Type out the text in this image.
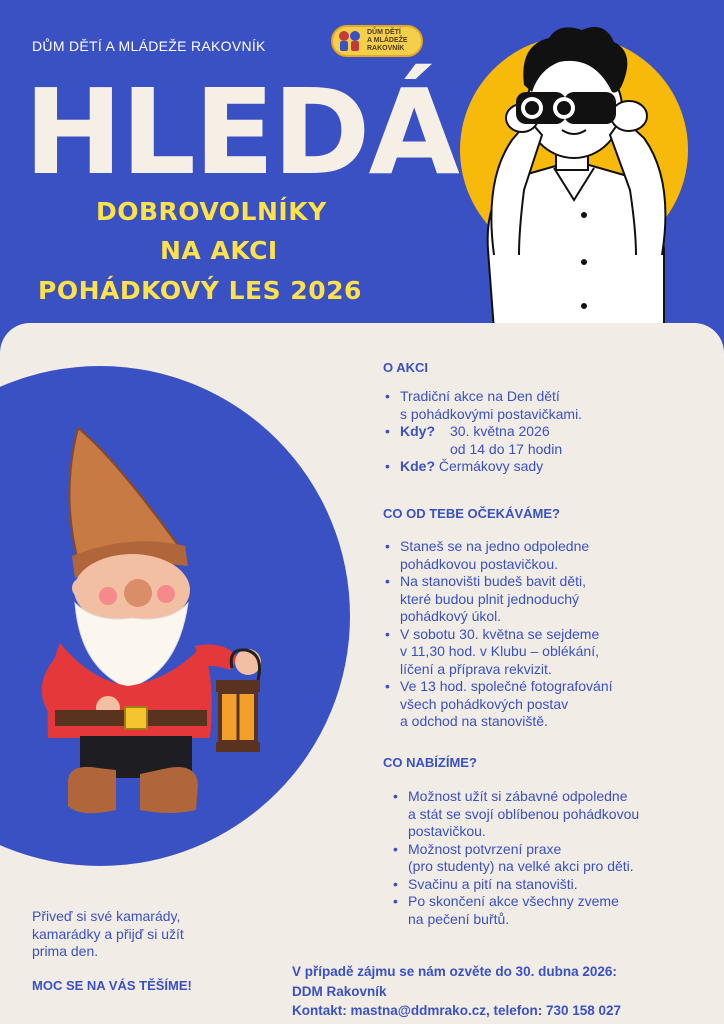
DŮM DĚTÍ A MLÁDEŽE RAKOVNÍK
DŮM DĚTÍ
A MLÁDEŽE
RAKOVNÍK
HLEDÁ
DOBROVOLNÍKY
NA AKCI
POHÁDKOVÝ LES 2026
O AKCI
• Tradiční akce na Den dětí
s pohádkovými postavičkami.
• Kdy? 30. května 2026

od 14 do 17 hodin
• Kde? Čermákovy sady
CO OD TEBE OČEKÁVÁME?
• Staneš se na jedno odpoledne
pohádkovou postavičkou.
• Na stanovišti budeš bavit děti,
které budou plnit jednoduchý
pohádkový úkol.
• V sobotu 30. května se sejdeme
v 11,30 hod. v Klubu – oblékání,
líčení a příprava rekvizit.
• Ve 13 hod. společné fotografování
všech pohádkových postav
a odchod na stanoviště.
CO NABÍZÍME?
• Možnost užít si zábavné odpoledne
a stát se svojí oblíbenou pohádkovou
postavičkou.
• Možnost potvrzení praxe
(pro studenty) na velké akci pro děti.
• Svačinu a pití na stanovišti.
• Po skončení akce všechny zveme
na pečení buřtů.
Přiveď si své kamarády,
kamarádky a přijď si užít
prima den.
MOC SE NA VÁS TĚŠÍME!
V případě zájmu se nám ozvěte do 30. dubna 2026:
DDM Rakovník
Kontakt: mastna@ddmrako.cz, telefon: 730 158 027
